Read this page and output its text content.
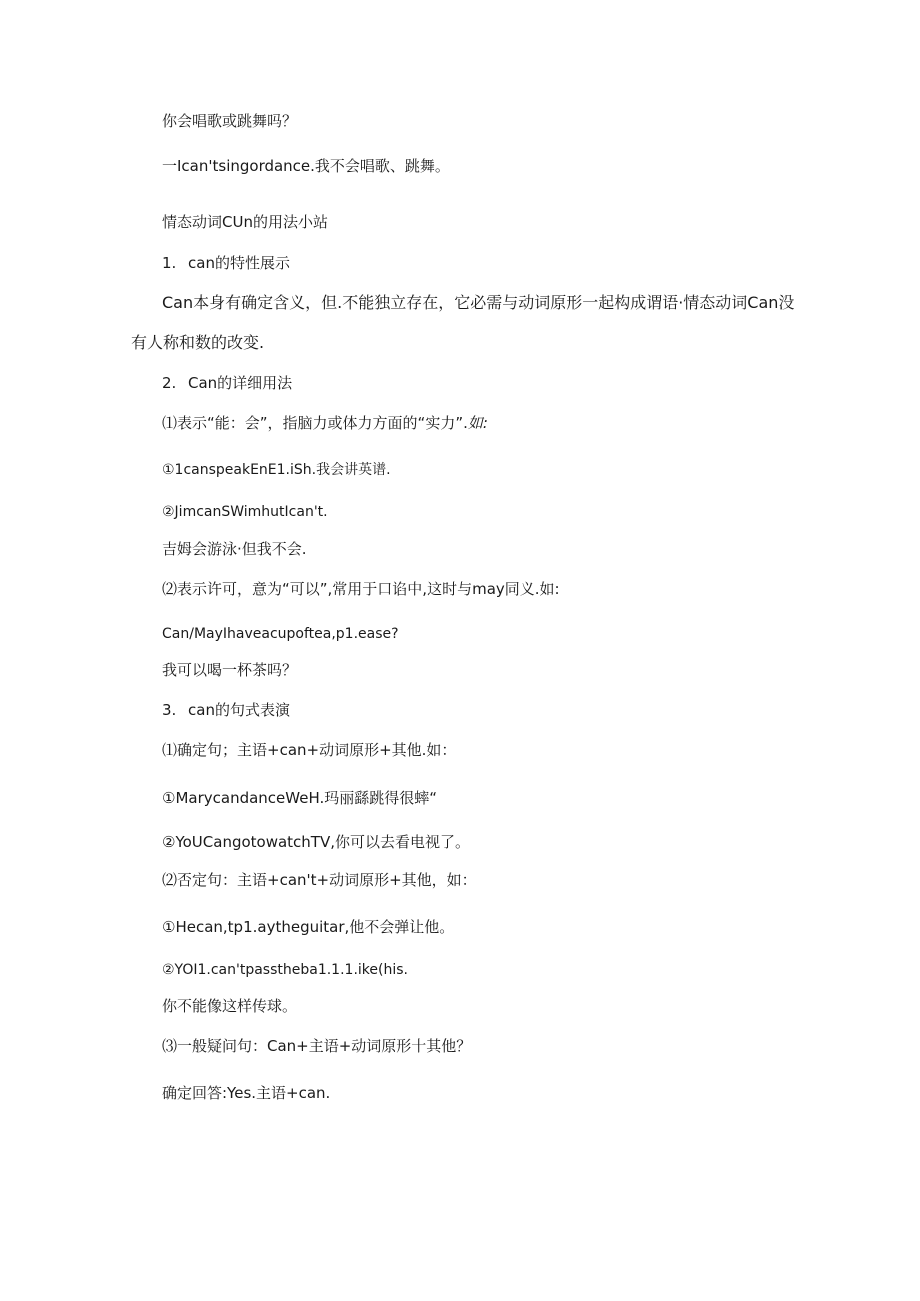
你会唱歌或跳舞吗？
一Ican'tsingordance.我不会唱歌、跳舞。
情态动词CUn的用法小站
1. can的特性展示
Can本身有确定含义，但.不能独立存在，它必需与动词原形一起构成谓语·情态动词Can没
有人称和数的改变.
2. Can的详细用法
⑴表示“能：会”，指脑力或体力方面的“实力”.如:
①1canspeakEnE1.iSh.我会讲英谱.
②JimcanSWimhutIcan't.
吉姆会游泳·但我不会.
⑵表示许可，意为“可以”,常用于口谄中,这时与may同义.如:
Can/MayIhaveacupoftea,p1.ease?
我可以喝一杯茶吗？
3. can的句式表演
⑴确定句；主语+can+动词原形+其他.如：
①MarycandanceWeH.玛丽繇跳得很蟀“
②YoUCangotowatchTV,你可以去看电视了。
⑵否定句：主语+can't+动词原形+其他，如：
①Hecan,tp1.aytheguitar,他不会弹让他。
②YOI1.can'tpasstheba1.1.1.ike(his.
你不能像这样传球。
⑶一般疑问句：Can+主语+动词原形十其他？
确定回答:Yes.主语+can.
